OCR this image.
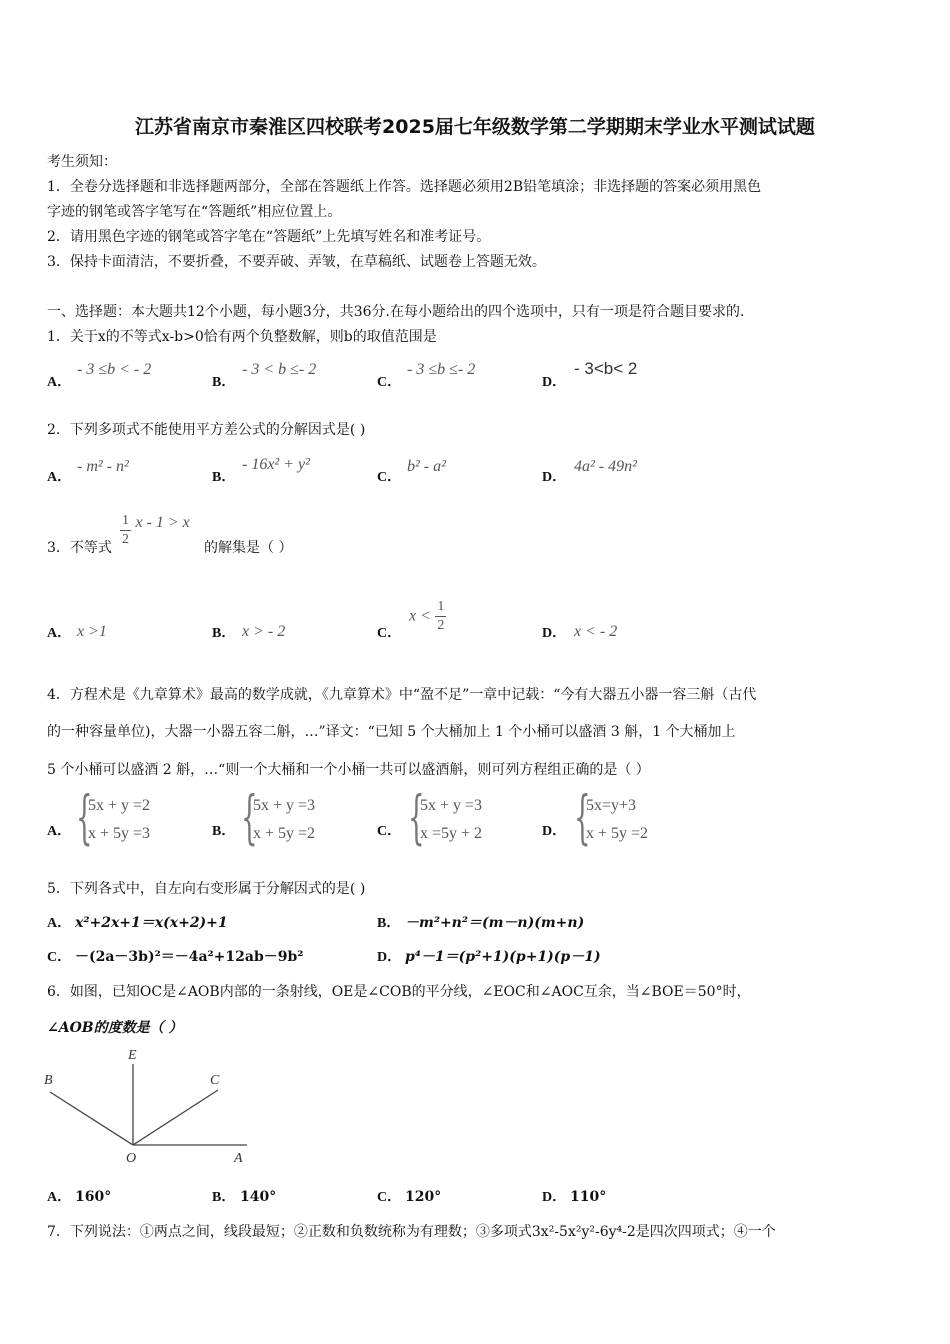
江苏省南京市秦淮区四校联考2025届七年级数学第二学期期末学业水平测试试题
考生须知：
1．全卷分选择题和非选择题两部分，全部在答题纸上作答。选择题必须用2B铅笔填涂；非选择题的答案必须用黑色
字迹的钢笔或答字笔写在“答题纸”相应位置上。
2．请用黑色字迹的钢笔或答字笔在“答题纸”上先填写姓名和准考证号。
3．保持卡面清洁，不要折叠，不要弄破、弄皱，在草稿纸、试题卷上答题无效。
一、选择题：本大题共12个小题，每小题3分，共36分.在每小题给出的四个选项中，只有一项是符合题目要求的.
1．关于x的不等式x-b>0恰有两个负整数解，则b的取值范围是
A．
- 3 ≤b < - 2
B．
- 3 < b ≤- 2
C．
- 3 ≤b ≤- 2
D．
- 3<b< 2
2．下列多项式不能使用平方差公式的分解因式是( )
A．
- m² - n²
B．
- 16x² + y²
C．
b² - a²
D．
4a² - 49n²
3．不等式 $\frac{1}{2}$ x - 1 > x
的解集是（ ）
A． x >1	B． x > - 2	C．
$x < \frac{1}{2}$	D． x < - 2
4．方程术是《九章算术》最高的数学成就，《九章算术》中“盈不足”一章中记载：“今有大器五小器一容三斛（古代
的一种容量单位)，大器一小器五容二斛，…”译文：“已知 5 个大桶加上 1 个小桶可以盛酒 3 斛，1 个大桶加上
5 个小桶可以盛酒 2 斛，…“则一个大桶和一个小桶一共可以盛酒斛，则可列方程组正确的是（ ）
A． {
5x + y =2
x + 5y =3	B． {
5x + y =3
x + 5y =2	C． {
5x + y =3
x =5y + 2	D． {
5x=y+3
x + 5y =2
5．下列各式中，自左向右变形属于分解因式的是( )
A． x²+2x+1＝x(x+2)+1	B． －m²+n²＝(m－n)(m+n)
C． －(2a－3b)²＝－4a²+12ab－9b²	D． p⁴－1＝(p²+1)(p+1)(p－1)
6．如图，已知OC是∠AOB内部的一条射线，OE是∠COB的平分线，∠EOC和∠AOC互余，当∠BOE＝50°时，
∠AOB的度数是（ ）
B
E
C
O	A
A． 160°	B． 140°	C． 120°	D． 110°
7．下列说法：①两点之间，线段最短；②正数和负数统称为有理数；③多项式3x²-5x²y²-6y⁴-2是四次四项式；④一个
